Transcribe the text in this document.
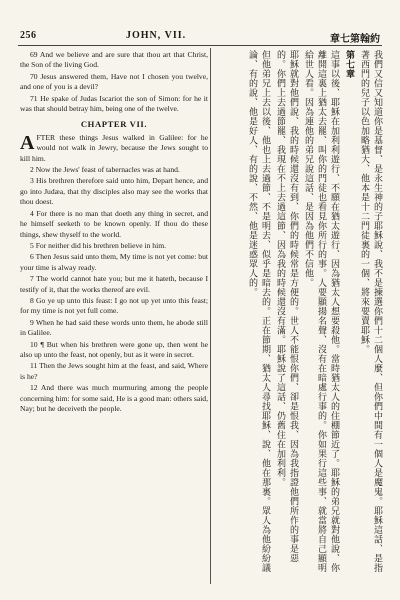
256	JOHN, VII.	章七第翰約

69 And we believe and are sure that thou art that Christ, the Son of the living God.

70 Jesus answered them, Have not I chosen you twelve, and one of you is a devil?

71 He spake of Judas Iscariot the son of Simon: for he it was that should betray him, being one of the twelve.

CHAPTER VII.

AFTER these things Jesus walked in Galilee: for he would not walk in Jewry, because the Jews sought to kill him.

2 Now the Jews' feast of tabernacles was at hand.

3 His brethren therefore said unto him, Depart hence, and go into Judæa, that thy disciples also may see the works that thou doest.

4 For there is no man that doeth any thing in secret, and he himself seeketh to be known openly. If thou do these things, shew thyself to the world.

5 For neither did his brethren believe in him.

6 Then Jesus said unto them, My time is not yet come: but your time is alway ready.

7 The world cannot hate you; but me it hateth, because I testify of it, that the works thereof are evil.

8 Go ye up unto this feast: I go not up yet unto this feast; for my time is not yet full come.

9 When he had said these words unto them, he abode still in Galilee.

10 ¶ But when his brethren were gone up, then went he also up unto the feast, not openly, but as it were in secret.

11 Then the Jews sought him at the feast, and said, Where is he?

12 And there was much murmuring among the people concerning him: for some said, He is a good man: others said, Nay; but he deceiveth the people.	我們又信又知道你是基督、是永生神的子耶穌說、我不是揀選你們十二個人麼、但你們中間有一個人是魔鬼。耶穌這話、是指著西門的兒子以色加略猶大、他本是十二門徒裏的一個、將來要賣耶穌。
第七章
這事以後、耶穌在加利利遊行、不願在猶太遊行、因為猶太人想要殺他。當時猶太人的住棚節近了。耶穌的弟兄就對他說、你離開這裏上猶太去罷、叫你的門徒也看見你所行的事。人要顯揚名聲、沒有在暗處行事的。你如果行這些事、就當將自己顯明給世人看。因為連他的弟兄說這話、是因為他們不信他。
耶穌就對他們說、我的時候還沒有到、你們的時候常是方便的。世人不能恨你們、卻是恨我、因為我指證他們所作的事是惡的。你們上去過節罷、我現在不上去過這節、因為我的時候還沒有滿。耶穌說了這話、仍舊住在加利利。
但他弟兄上去以後、他也上去過節、不是明去、似乎是暗去的。正在節期、猶太人尋找耶穌、說、他在那裏。眾人為他紛紛議論、有的說、他是好人、有的說、不然、他是迷惑眾人的。
